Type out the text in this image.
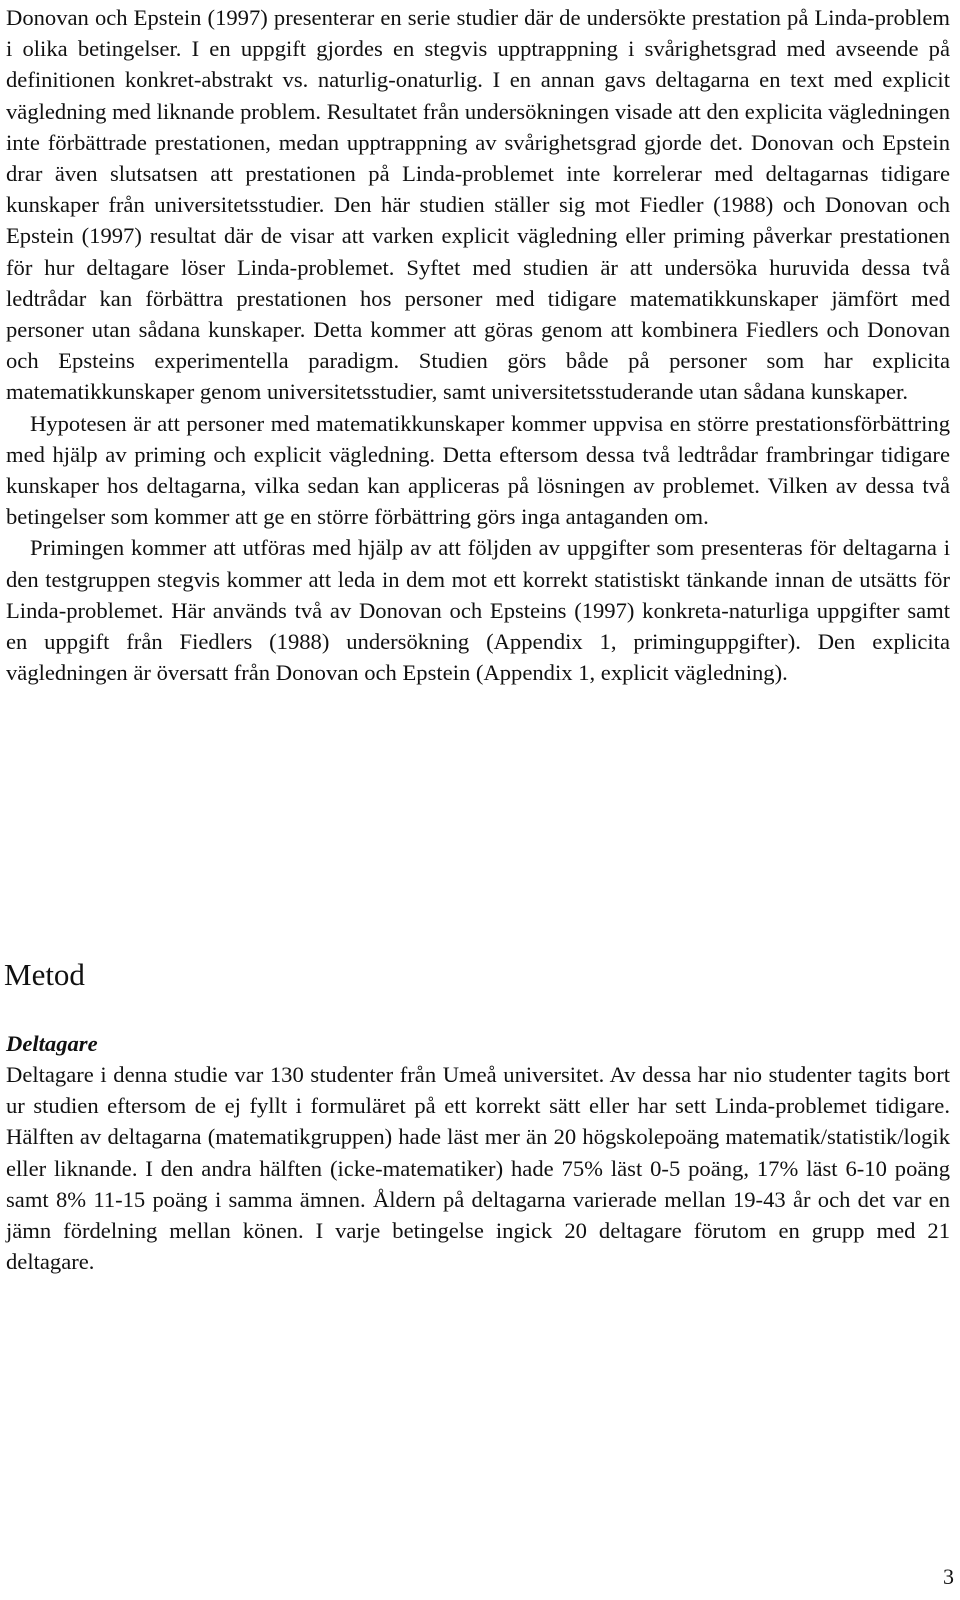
Donovan och Epstein (1997) presenterar en serie studier där de undersökte prestation på Linda-problem i olika betingelser. I en uppgift gjordes en stegvis upptrappning i svårighetsgrad med avseende på definitionen konkret-abstrakt vs. naturlig-onaturlig. I en annan gavs deltagarna en text med explicit vägledning med liknande problem. Resultatet från undersökningen visade att den explicita vägledningen inte förbättrade prestationen, medan upptrappning av svårighetsgrad gjorde det. Donovan och Epstein drar även slutsatsen att prestationen på Linda-problemet inte korrelerar med deltagarnas tidigare kunskaper från universitetsstudier. Den här studien ställer sig mot Fiedler (1988) och Donovan och Epstein (1997) resultat där de visar att varken explicit vägledning eller priming påverkar prestationen för hur deltagare löser Linda-problemet. Syftet med studien är att undersöka huruvida dessa två ledtrådar kan förbättra prestationen hos personer med tidigare matematikkunskaper jämfört med personer utan sådana kunskaper. Detta kommer att göras genom att kombinera Fiedlers och Donovan och Epsteins experimentella paradigm. Studien görs både på personer som har explicita matematikkunskaper genom universitetsstudier, samt universitetsstuderande utan sådana kunskaper.

Hypotesen är att personer med matematikkunskaper kommer uppvisa en större prestationsförbättring med hjälp av priming och explicit vägledning. Detta eftersom dessa två ledtrådar frambringar tidigare kunskaper hos deltagarna, vilka sedan kan appliceras på lösningen av problemet. Vilken av dessa två betingelser som kommer att ge en större förbättring görs inga antaganden om.

Primingen kommer att utföras med hjälp av att följden av uppgifter som presenteras för deltagarna i den testgruppen stegvis kommer att leda in dem mot ett korrekt statistiskt tänkande innan de utsätts för Linda-problemet. Här används två av Donovan och Epsteins (1997) konkreta-naturliga uppgifter samt en uppgift från Fiedlers (1988) undersökning (Appendix 1, priminguppgifter). Den explicita vägledningen är översatt från Donovan och Epstein (Appendix 1, explicit vägledning).

Metod
Deltagare

Deltagare i denna studie var 130 studenter från Umeå universitet. Av dessa har nio studenter tagits bort ur studien eftersom de ej fyllt i formuläret på ett korrekt sätt eller har sett Linda-problemet tidigare. Hälften av deltagarna (matematikgruppen) hade läst mer än 20 högskolepoäng matematik/statistik/logik eller liknande. I den andra hälften (icke-matematiker) hade 75% läst 0-5 poäng, 17% läst 6-10 poäng samt 8% 11-15 poäng i samma ämnen. Åldern på deltagarna varierade mellan 19-43 år och det var en jämn fördelning mellan könen. I varje betingelse ingick 20 deltagare förutom en grupp med 21 deltagare.

3
